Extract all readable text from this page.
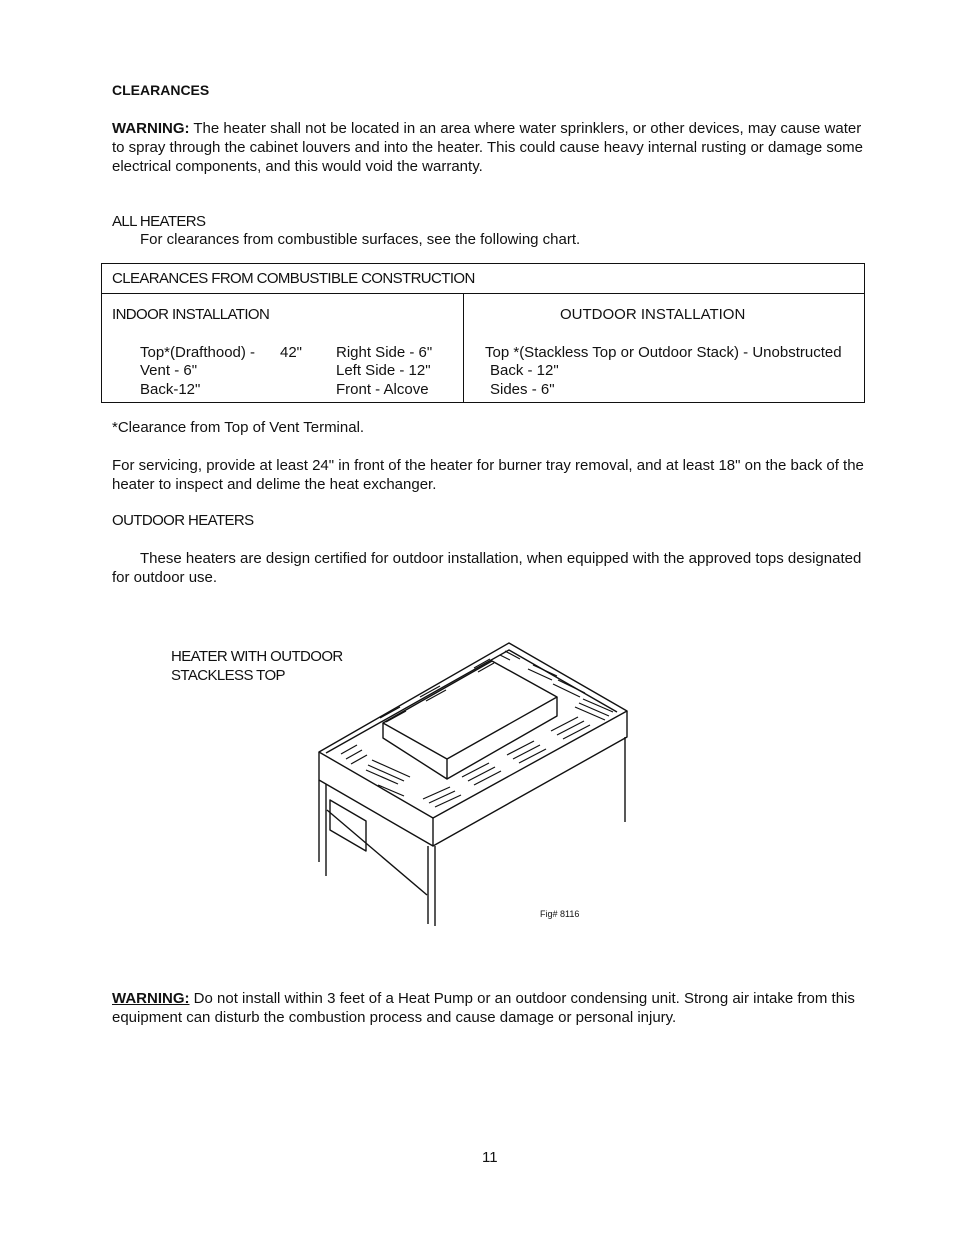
CLEARANCES
WARNING: The heater shall not be located in an area where water sprinklers, or other devices, may cause water to spray through the cabinet louvers and into the heater. This could cause heavy internal rusting or damage some electrical components, and this would void the warranty.
ALL HEATERS
For clearances from combustible surfaces, see the following chart.
CLEARANCES FROM COMBUSTIBLE CONSTRUCTION
INDOOR INSTALLATION
Top*(Drafthood) - 42"
Vent - 6"
Back-12"
Right Side - 6"
Left Side - 12"
Front - Alcove
OUTDOOR INSTALLATION
Top *(Stackless Top or Outdoor Stack) - Unobstructed
Back - 12"
Sides - 6"
*Clearance from Top of Vent Terminal.
For servicing, provide at least 24" in front of the heater for burner tray removal, and at least 18" on the back of the heater to inspect and delime the heat exchanger.
OUTDOOR HEATERS
These heaters are design certified for outdoor installation, when equipped with the approved tops designated for outdoor use.
HEATER WITH OUTDOOR
STACKLESS TOP
Fig# 8116
WARNING: Do not install within 3 feet of a Heat Pump or an outdoor condensing unit. Strong air intake from this equipment can disturb the combustion process and cause damage or personal injury.
11
